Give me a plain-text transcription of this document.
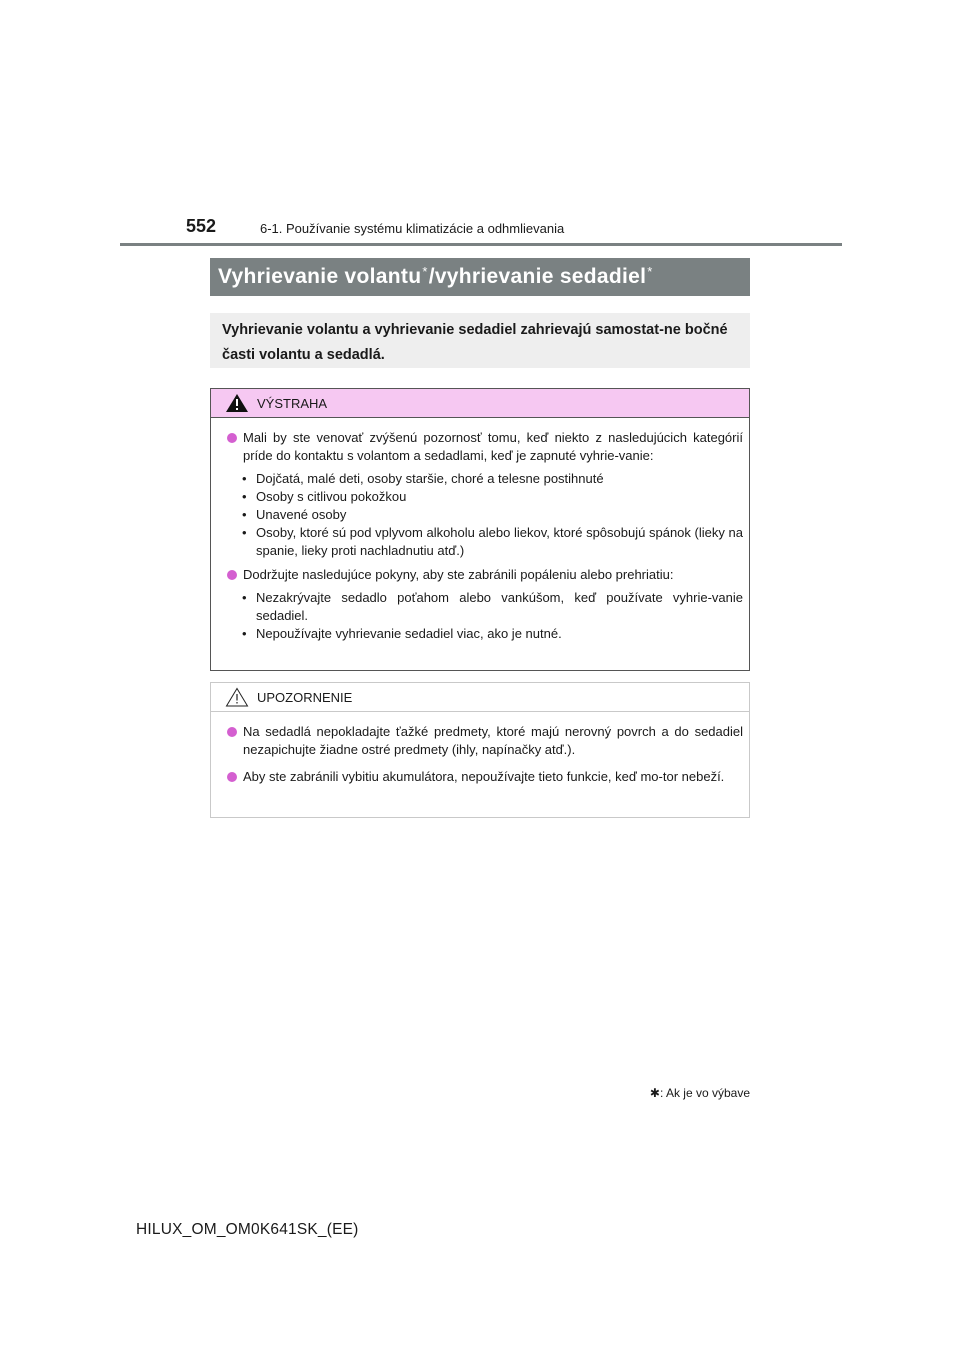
552	6-1. Používanie systému klimatizácie a odhmlievania
Vyhrievanie volantu * /vyhrievanie sedadiel *
Vyhrievanie volantu a vyhrievanie sedadiel zahrievajú samostat-ne bočné časti volantu a sedadlá.
VÝSTRAHA
Mali by ste venovať zvýšenú pozornosť tomu, keď niekto z nasledujúcich kategórií príde do kontaktu s volantom a sedadlami, keď je zapnuté vyhrie-vanie:
• Dojčatá, malé deti, osoby staršie, choré a telesne postihnuté
• Osoby s citlivou pokožkou
• Unavené osoby
• Osoby, ktoré sú pod vplyvom alkoholu alebo liekov, ktoré spôsobujú spánok (lieky na spanie, lieky proti nachladnutiu atď.)
Dodržujte nasledujúce pokyny, aby ste zabránili popáleniu alebo prehriatiu:
• Nezakrývajte sedadlo poťahom alebo vankúšom, keď používate vyhrie-vanie sedadiel.
• Nepoužívajte vyhrievanie sedadiel viac, ako je nutné.
UPOZORNENIE
Na sedadlá nepokladajte ťažké predmety, ktoré majú nerovný povrch a do sedadiel nezapichujte žiadne ostré predmety (ihly, napínačky atď.).
Aby ste zabránili vybitiu akumulátora, nepoužívajte tieto funkcie, keď mo-tor nebeží.
✱: Ak je vo výbave
HILUX_OM_OM0K641SK_(EE)
